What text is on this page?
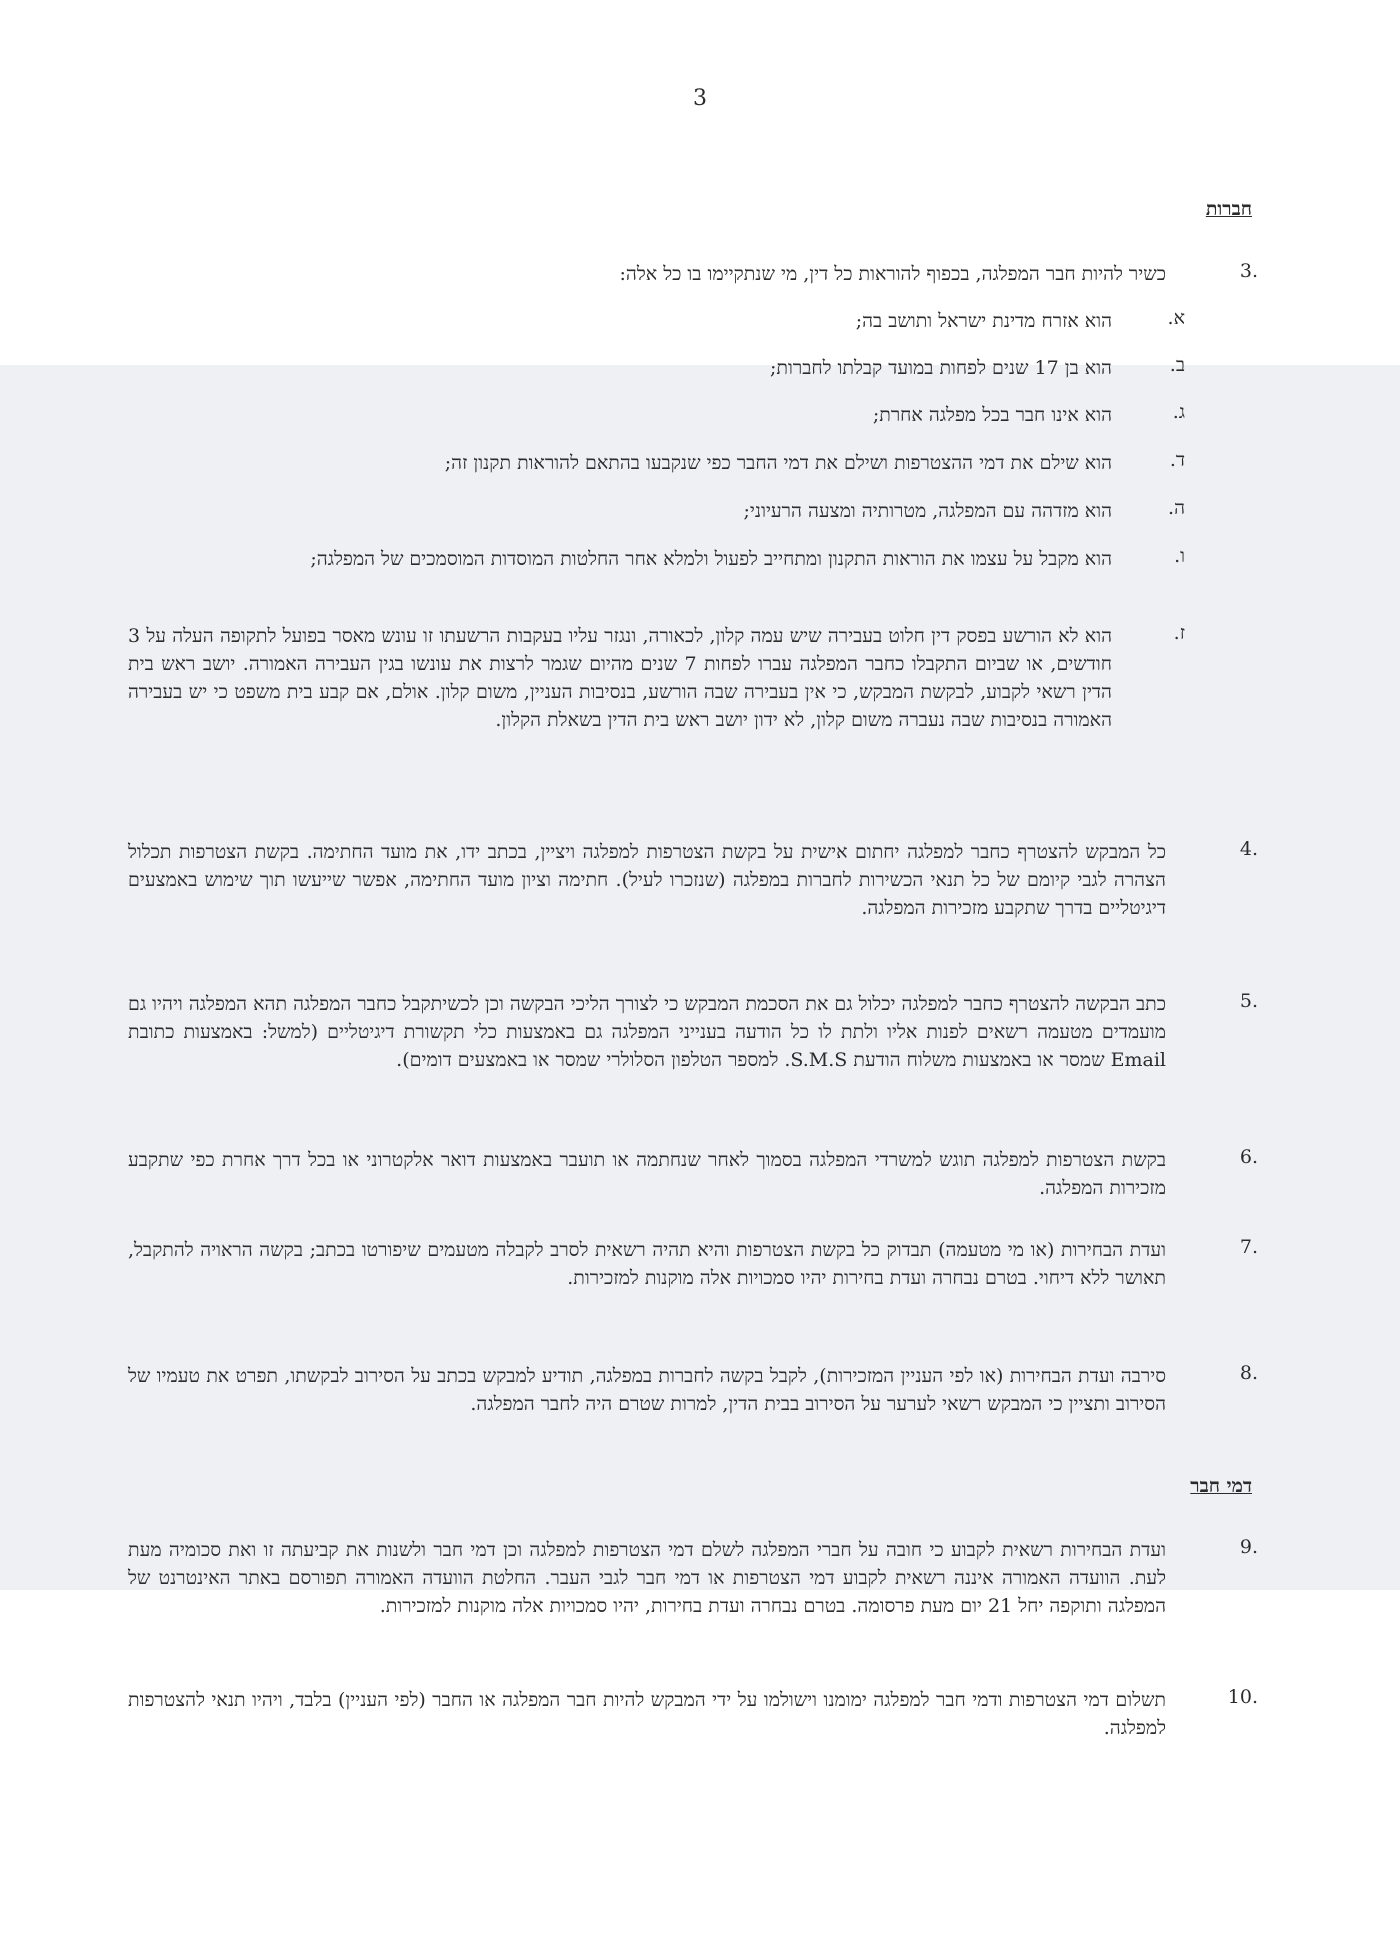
3
חברות
.3
כשיר להיות חבר המפלגה, בכפוף להוראות כל דין, מי שנתקיימו בו כל אלה:
א.
הוא אזרח מדינת ישראל ותושב בה;
ב.
הוא בן 17 שנים לפחות במועד קבלתו לחברות;
ג.
הוא אינו חבר בכל מפלגה אחרת;
ד.
הוא שילם את דמי ההצטרפות ושילם את דמי החבר כפי שנקבעו בהתאם להוראות תקנון זה;
ה.
הוא מזדהה עם המפלגה, מטרותיה ומצעה הרעיוני;
ו.
הוא מקבל על עצמו את הוראות התקנון ומתחייב לפעול ולמלא אחר החלטות המוסדות המוסמכים של המפלגה;
ז.
הוא לא הורשע בפסק דין חלוט בעבירה שיש עמה קלון, לכאורה, ונגזר עליו בעקבות הרשעתו זו עונש מאסר בפועל לתקופה העלה על 3 חודשים, או שביום התקבלו כחבר המפלגה עברו לפחות 7 שנים מהיום שגמר לרצות את עונשו בגין העבירה האמורה. יושב ראש בית הדין רשאי לקבוע, לבקשת המבקש, כי אין בעבירה שבה הורשע, בנסיבות העניין, משום קלון. אולם, אם קבע בית משפט כי יש בעבירה האמורה בנסיבות שבה נעברה משום קלון, לא ידון יושב ראש בית הדין בשאלת הקלון.
.4
כל המבקש להצטרף כחבר למפלגה יחתום אישית על בקשת הצטרפות למפלגה ויציין, בכתב ידו, את מועד החתימה. בקשת הצטרפות תכלול הצהרה לגבי קיומם של כל תנאי הכשירות לחברות במפלגה (שנזכרו לעיל). חתימה וציון מועד החתימה, אפשר שייעשו תוך שימוש באמצעים דיגיטליים בדרך שתקבע מזכירות המפלגה.
.5
כתב הבקשה להצטרף כחבר למפלגה יכלול גם את הסכמת המבקש כי לצורך הליכי הבקשה וכן לכשיתקבל כחבר המפלגה תהא המפלגה ויהיו גם מועמדים מטעמה רשאים לפנות אליו ולתת לו כל הודעה בענייני המפלגה גם באמצעות כלי תקשורת דיגיטליים (למשל: באמצעות כתובת Email שמסר או באמצעות משלוח הודעת S.M.S. למספר הטלפון הסלולרי שמסר או באמצעים דומים).
.6
בקשת הצטרפות למפלגה תוגש למשרדי המפלגה בסמוך לאחר שנחתמה או תועבר באמצעות דואר אלקטרוני או בכל דרך אחרת כפי שתקבע מזכירות המפלגה.
.7
ועדת הבחירות (או מי מטעמה) תבדוק כל בקשת הצטרפות והיא תהיה רשאית לסרב לקבלה מטעמים שיפורטו בכתב; בקשה הראויה להתקבל, תאושר ללא דיחוי. בטרם נבחרה ועדת בחירות יהיו סמכויות אלה מוקנות למזכירות.
.8
סירבה ועדת הבחירות (או לפי העניין המזכירות), לקבל בקשה לחברות במפלגה, תודיע למבקש בכתב על הסירוב לבקשתו, תפרט את טעמיו של הסירוב ותציין כי המבקש רשאי לערער על הסירוב בבית הדין, למרות שטרם היה לחבר המפלגה.
דמי חבר
.9
ועדת הבחירות רשאית לקבוע כי חובה על חברי המפלגה לשלם דמי הצטרפות למפלגה וכן דמי חבר ולשנות את קביעתה זו ואת סכומיה מעת לעת. הוועדה האמורה איננה רשאית לקבוע דמי הצטרפות או דמי חבר לגבי העבר. החלטת הוועדה האמורה תפורסם באתר האינטרנט של המפלגה ותוקפה יחל 21 יום מעת פרסומה. בטרם נבחרה ועדת בחירות, יהיו סמכויות אלה מוקנות למזכירות.
.10
תשלום דמי הצטרפות ודמי חבר למפלגה ימומנו וישולמו על ידי המבקש להיות חבר המפלגה או החבר (לפי העניין) בלבד, ויהיו תנאי להצטרפות למפלגה.
